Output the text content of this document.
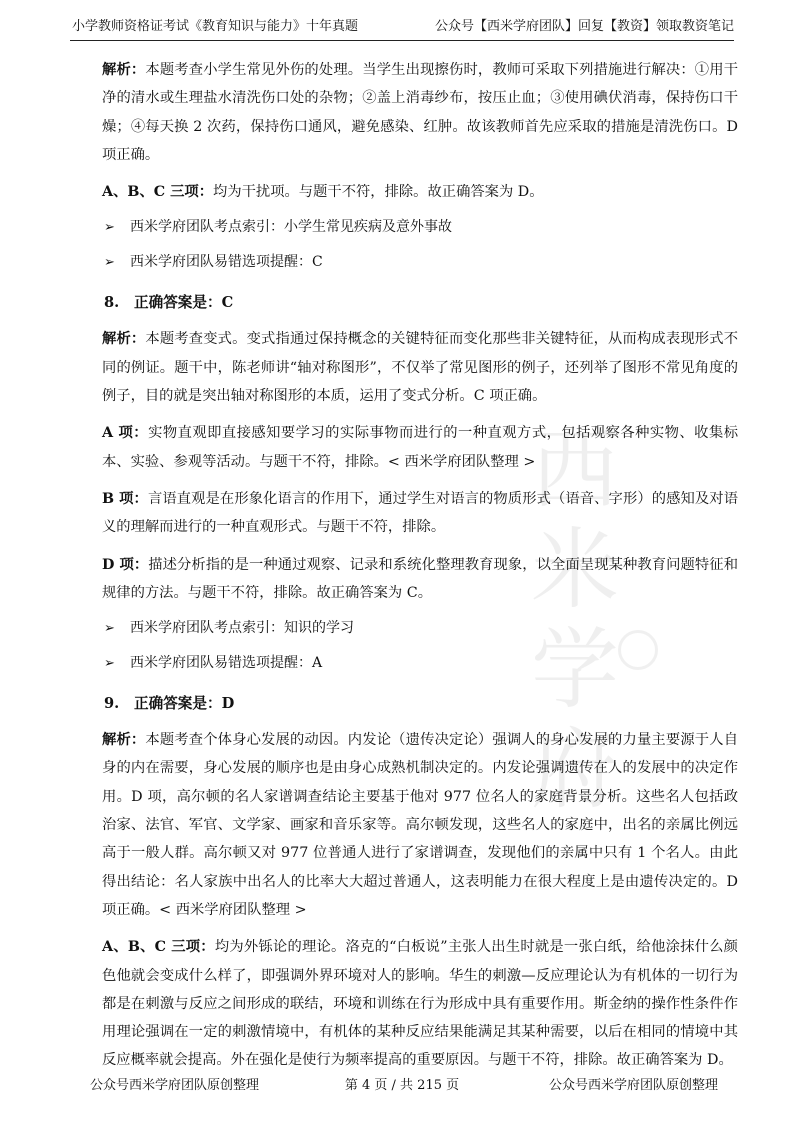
小学教师资格证考试《教育知识与能力》十年真题	公众号【西米学府团队】回复【教资】领取教资笔记
西
米
学
府

解析：本题考查小学生常见外伤的处理。当学生出现擦伤时，教师可采取下列措施进行解决：①用干净的清水或生理盐水清洗伤口处的杂物；②盖上消毒纱布，按压止血；③使用碘伏消毒，保持伤口干燥；④每天换 2 次药，保持伤口通风，避免感染、红肿。故该教师首先应采取的措施是清洗伤口。D 项正确。

A、B、C 三项：均为干扰项。与题干不符，排除。故正确答案为 D。

➢	西米学府团队考点索引：小学生常见疾病及意外事故
➢	西米学府团队易错选项提醒：C
8. 正确答案是：C

解析：本题考查变式。变式指通过保持概念的关键特征而变化那些非关键特征，从而构成表现形式不同的例证。题干中，陈老师讲“轴对称图形”，不仅举了常见图形的例子，还列举了图形不常见角度的例子，目的就是突出轴对称图形的本质，运用了变式分析。C 项正确。

A 项：实物直观即直接感知要学习的实际事物而进行的一种直观方式，包括观察各种实物、收集标本、实验、参观等活动。与题干不符，排除。< 西米学府团队整理 >

B 项：言语直观是在形象化语言的作用下，通过学生对语言的物质形式（语音、字形）的感知及对语义的理解而进行的一种直观形式。与题干不符，排除。

D 项：描述分析指的是一种通过观察、记录和系统化整理教育现象，以全面呈现某种教育问题特征和规律的方法。与题干不符，排除。故正确答案为 C。

➢	西米学府团队考点索引：知识的学习
➢	西米学府团队易错选项提醒：A
9. 正确答案是：D

解析：本题考查个体身心发展的动因。内发论（遗传决定论）强调人的身心发展的力量主要源于人自身的内在需要，身心发展的顺序也是由身心成熟机制决定的。内发论强调遗传在人的发展中的决定作用。D 项，高尔顿的名人家谱调查结论主要基于他对 977 位名人的家庭背景分析。这些名人包括政治家、法官、军官、文学家、画家和音乐家等。高尔顿发现，这些名人的家庭中，出名的亲属比例远高于一般人群。高尔顿又对 977 位普通人进行了家谱调查，发现他们的亲属中只有 1 个名人。由此得出结论：名人家族中出名人的比率大大超过普通人，这表明能力在很大程度上是由遗传决定的。D 项正确。< 西米学府团队整理 >

A、B、C 三项：均为外铄论的理论。洛克的“白板说”主张人出生时就是一张白纸，给他涂抹什么颜色他就会变成什么样了，即强调外界环境对人的影响。华生的刺激—反应理论认为有机体的一切行为都是在刺激与反应之间形成的联结，环境和训练在行为形成中具有重要作用。斯金纳的操作性条件作用理论强调在一定的刺激情境中，有机体的某种反应结果能满足其某种需要，以后在相同的情境中其反应概率就会提高。外在强化是使行为频率提高的重要原因。与题干不符，排除。故正确答案为 D。

公众号西米学府团队原创整理	第 4 页 / 共 215 页	公众号西米学府团队原创整理
